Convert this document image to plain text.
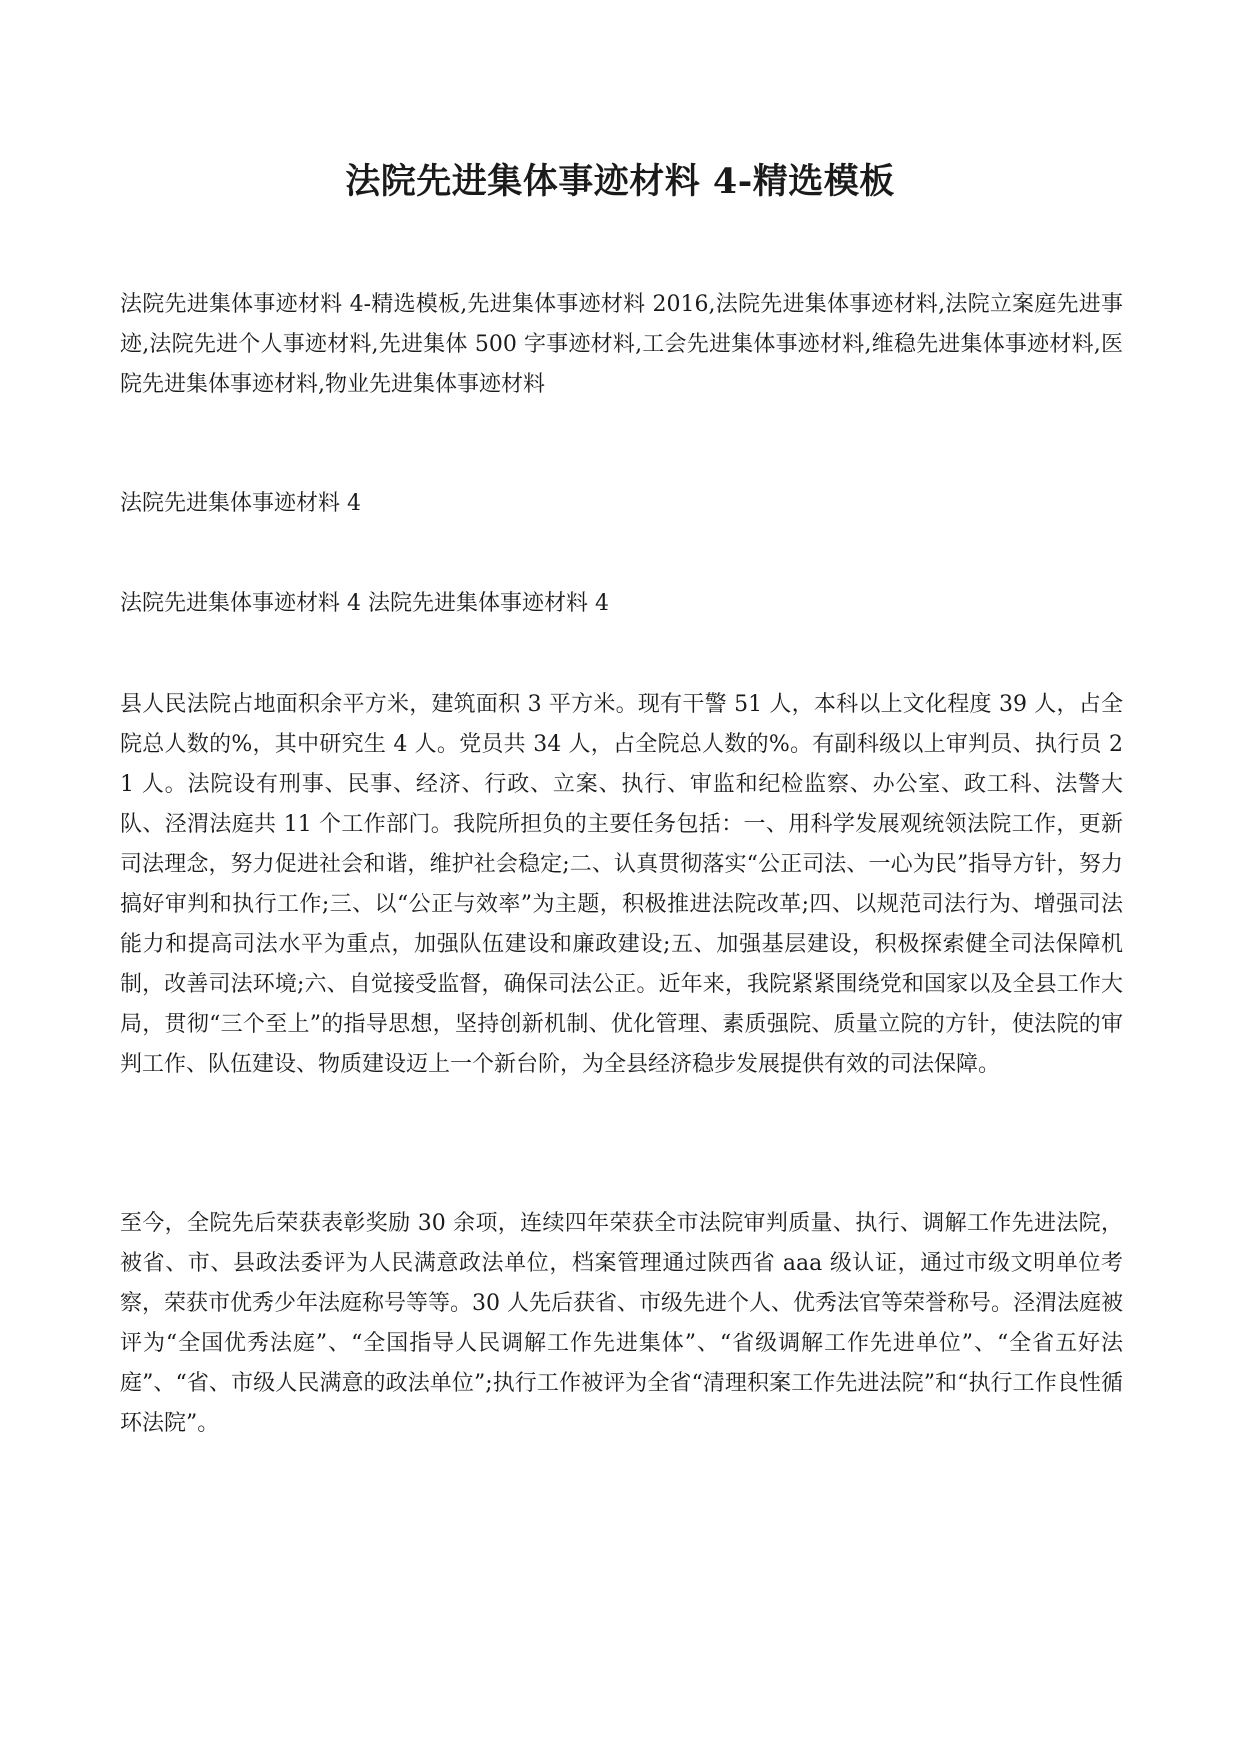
法院先进集体事迹材料 4-精选模板

法院先进集体事迹材料 4-精选模板,先进集体事迹材料 2016,法院先进集体事迹材料,法院立案庭先进事迹,法院先进个人事迹材料,先进集体 500 字事迹材料,工会先进集体事迹材料,维稳先进集体事迹材料,医院先进集体事迹材料,物业先进集体事迹材料

法院先进集体事迹材料 4

法院先进集体事迹材料 4 法院先进集体事迹材料 4

县人民法院占地面积余平方米，建筑面积 3 平方米。现有干警 51 人，本科以上文化程度 39 人，占全院总人数的%，其中研究生 4 人。党员共 34 人，占全院总人数的%。有副科级以上审判员、执行员 21 人。法院设有刑事、民事、经济、行政、立案、执行、审监和纪检监察、办公室、政工科、法警大队、泾渭法庭共 11 个工作部门。我院所担负的主要任务包括：一、用科学发展观统领法院工作，更新司法理念，努力促进社会和谐，维护社会稳定;二、认真贯彻落实“公正司法、一心为民”指导方针，努力搞好审判和执行工作;三、以“公正与效率”为主题，积极推进法院改革;四、以规范司法行为、增强司法能力和提高司法水平为重点，加强队伍建设和廉政建设;五、加强基层建设，积极探索健全司法保障机制，改善司法环境;六、自觉接受监督，确保司法公正。近年来，我院紧紧围绕党和国家以及全县工作大局，贯彻“三个至上”的指导思想，坚持创新机制、优化管理、素质强院、质量立院的方针，使法院的审判工作、队伍建设、物质建设迈上一个新台阶，为全县经济稳步发展提供有效的司法保障。

至今，全院先后荣获表彰奖励 30 余项，连续四年荣获全市法院审判质量、执行、调解工作先进法院，被省、市、县政法委评为人民满意政法单位，档案管理通过陕西省 aaa 级认证，通过市级文明单位考察，荣获市优秀少年法庭称号等等。30 人先后获省、市级先进个人、优秀法官等荣誉称号。泾渭法庭被评为“全国优秀法庭”、“全国指导人民调解工作先进集体”、“省级调解工作先进单位”、“全省五好法庭”、“省、市级人民满意的政法单位”;执行工作被评为全省“清理积案工作先进法院”和“执行工作良性循环法院”。
